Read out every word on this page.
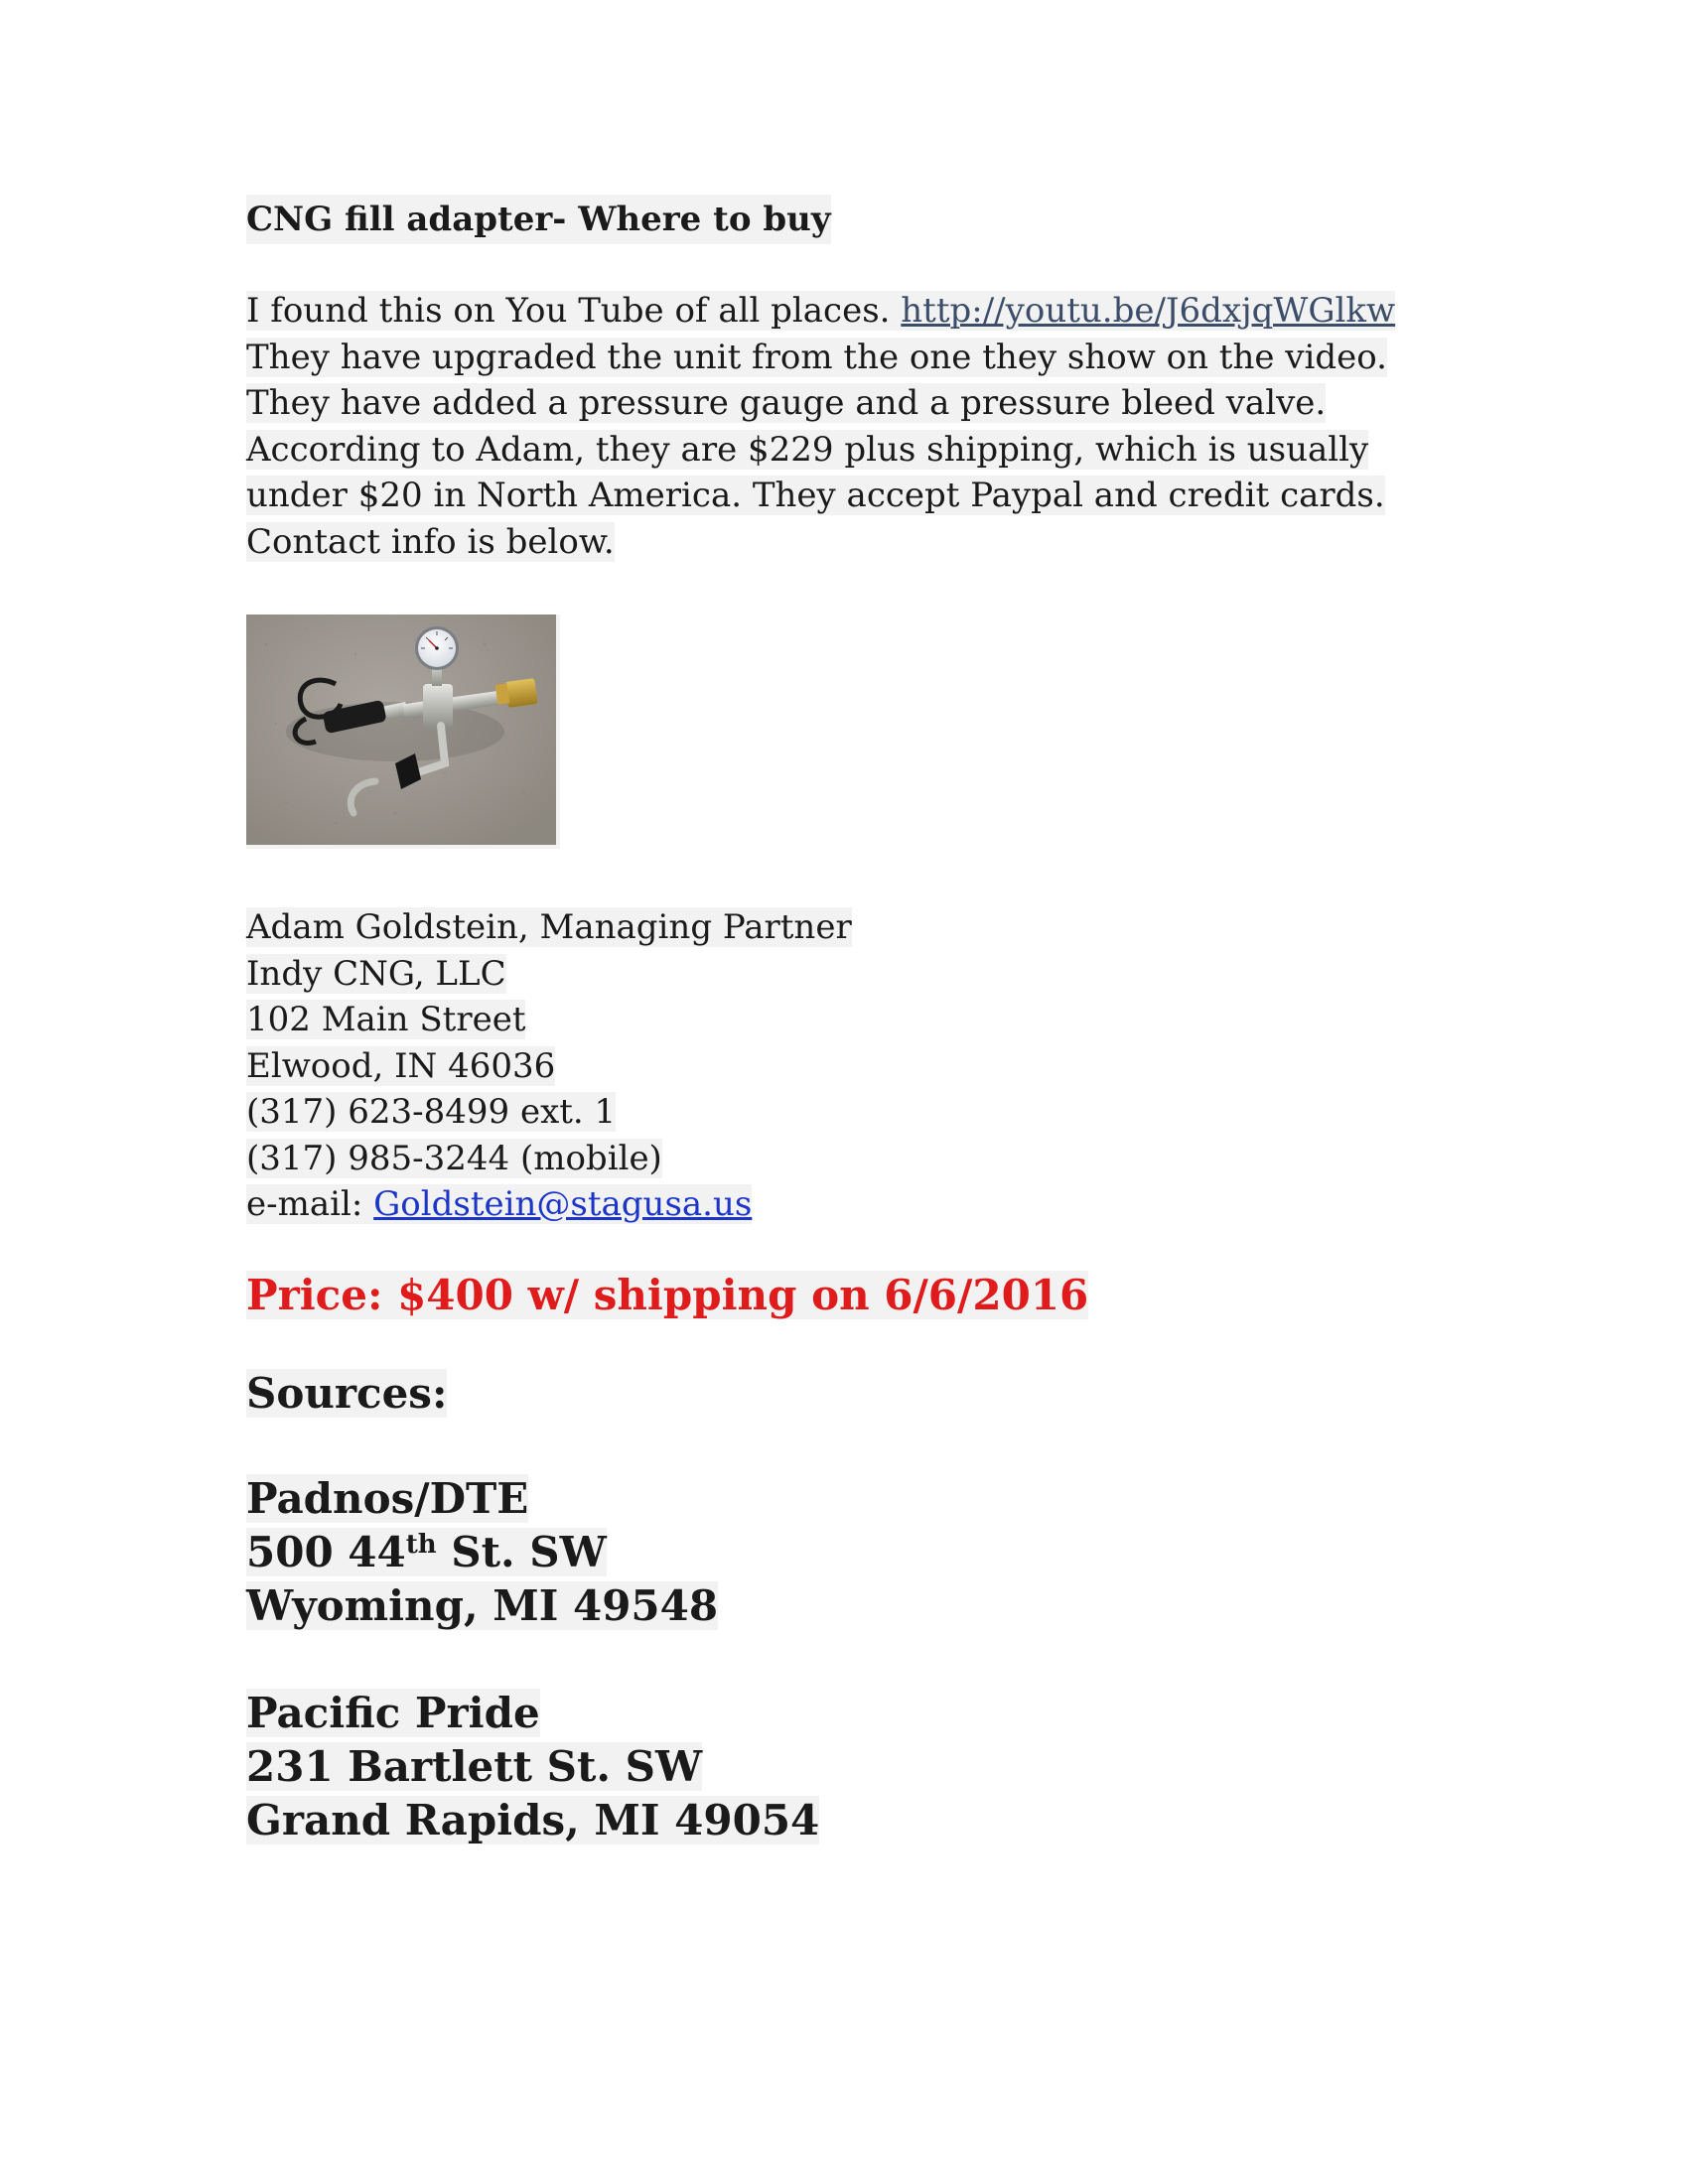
CNG fill adapter- Where to buy
I found this on You Tube of all places. http://youtu.be/J6dxjqWGlkw
They have upgraded the unit from the one they show on the video.
They have added a pressure gauge and a pressure bleed valve.
According to Adam, they are $229 plus shipping, which is usually
under $20 in North America. They accept Paypal and credit cards.
Contact info is below.
Adam Goldstein, Managing Partner
Indy CNG, LLC
102 Main Street
Elwood, IN 46036
(317) 623-8499 ext. 1
(317) 985-3244 (mobile)
e-mail: Goldstein@stagusa.us
Price: $400 w/ shipping on 6/6/2016
Sources:
Padnos/DTE
500 44th St. SW
Wyoming, MI 49548
Pacific Pride
231 Bartlett St. SW
Grand Rapids, MI 49054
